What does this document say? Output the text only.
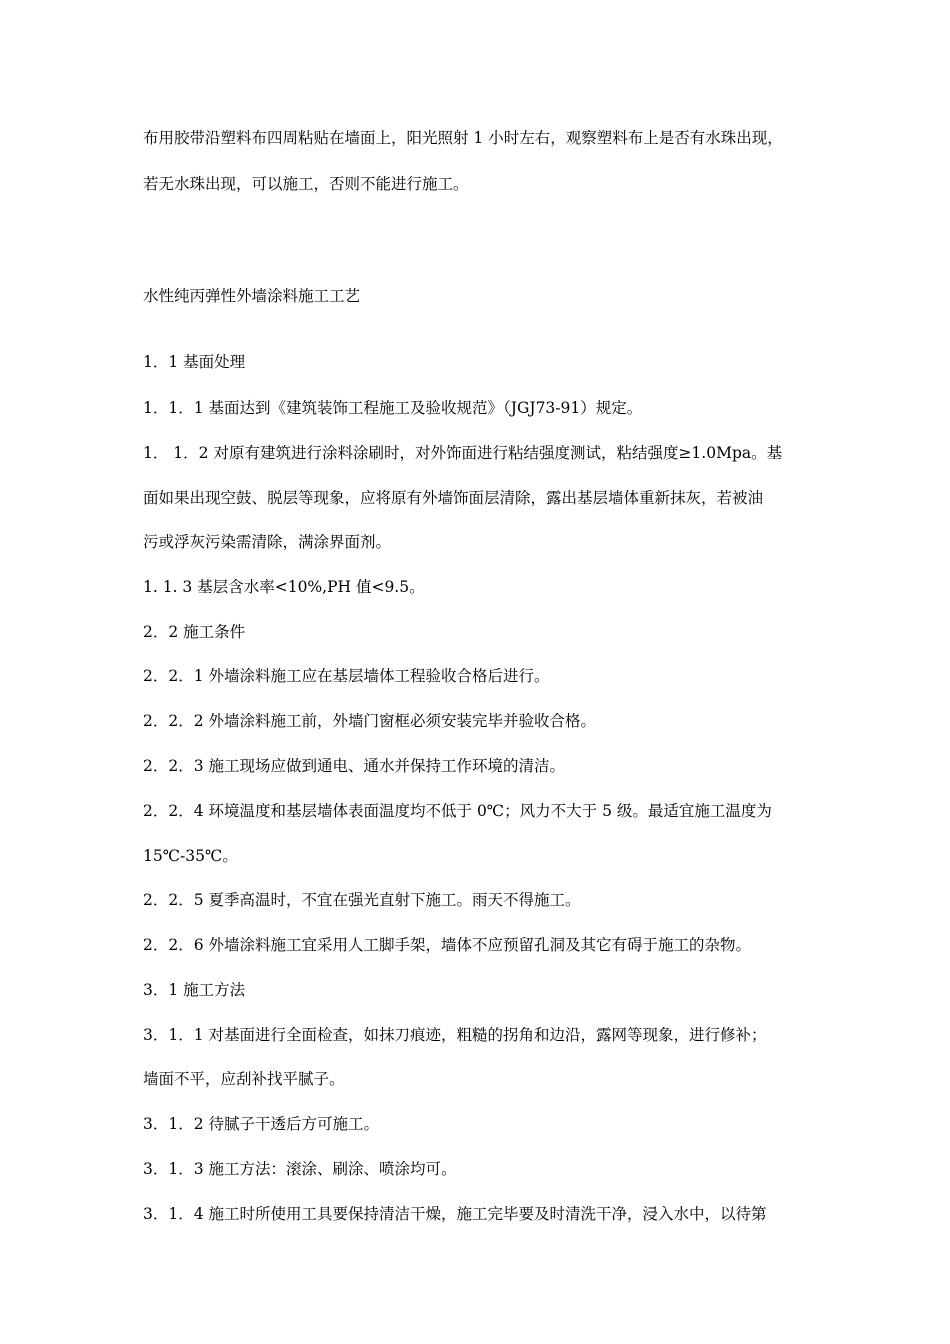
布用胶带沿塑料布四周粘贴在墙面上，阳光照射 1 小时左右，观察塑料布上是否有水珠出现，
若无水珠出现，可以施工，否则不能进行施工。
水性纯丙弹性外墙涂料施工工艺
1．1 基面处理
1．1．1 基面达到《建筑装饰工程施工及验收规范》（JGJ73-91）规定。
1． 1．2 对原有建筑进行涂料涂刷时，对外饰面进行粘结强度测试，粘结强度≥1.0Mpa。基
面如果出现空鼓、脱层等现象，应将原有外墙饰面层清除，露出基层墙体重新抹灰，若被油
污或浮灰污染需清除，满涂界面剂。
1. 1. 3 基层含水率<10%,PH 值<9.5。
2．2 施工条件
2．2．1 外墙涂料施工应在基层墙体工程验收合格后进行。
2．2．2 外墙涂料施工前，外墙门窗框必须安装完毕并验收合格。
2．2．3 施工现场应做到通电、通水并保持工作环境的清洁。
2．2．4 环境温度和基层墙体表面温度均不低于 0℃；风力不大于 5 级。最适宜施工温度为
15℃-35℃。
2．2．5 夏季高温时，不宜在强光直射下施工。雨天不得施工。
2．2．6 外墙涂料施工宜采用人工脚手架，墙体不应预留孔洞及其它有碍于施工的杂物。
3．1 施工方法
3．1．1 对基面进行全面检查，如抹刀痕迹，粗糙的拐角和边沿，露网等现象，进行修补；
墙面不平，应刮补找平腻子。
3．1．2 待腻子干透后方可施工。
3．1．3 施工方法：滚涂、刷涂、喷涂均可。
3．1．4 施工时所使用工具要保持清洁干燥，施工完毕要及时清洗干净，浸入水中，以待第
